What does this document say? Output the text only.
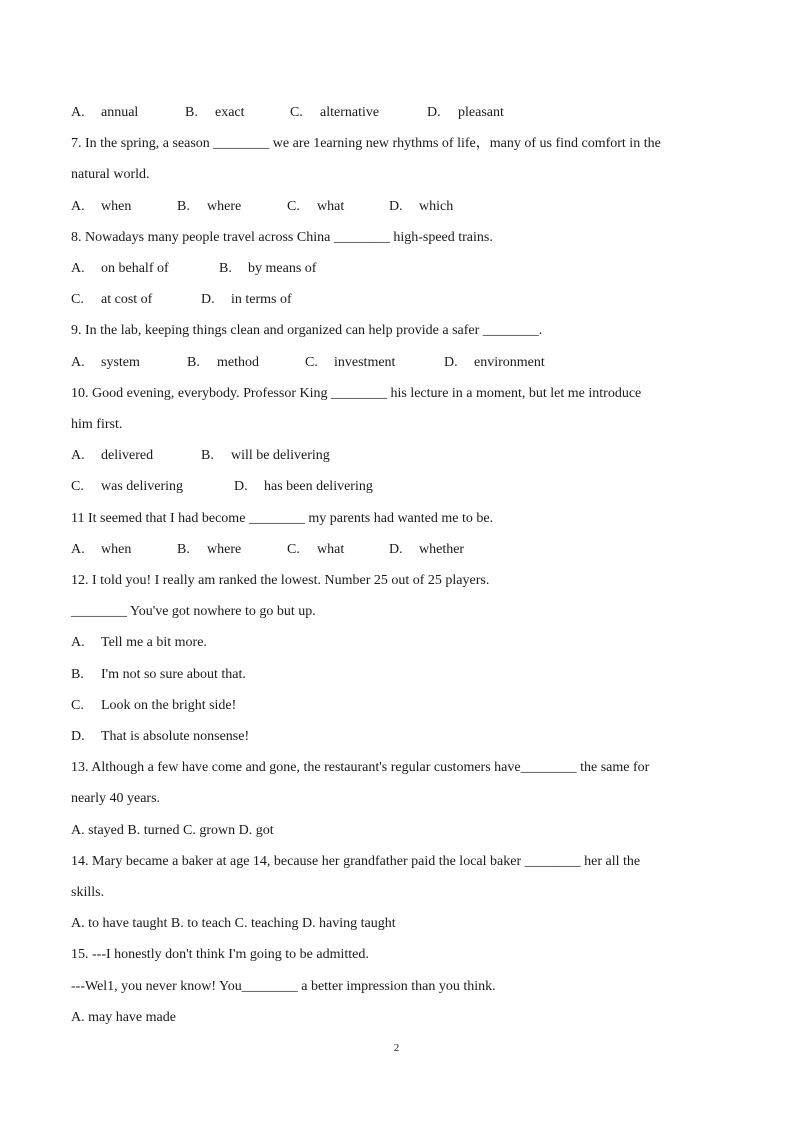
A. annual	B. exact	C. alternative	D. pleasant
7. In the spring, a season ________ we are 1earning new rhythms of life，many of us find comfort in the
natural world.
A. when	B. where	C. what	D. which
8. Nowadays many people travel across China ________ high-speed trains.
A. on behalf of	B. by means of
C. at cost of	D. in terms of
9. In the lab, keeping things clean and organized can help provide a safer ________.
A. system	B. method	C. investment	D. environment
10. Good evening, everybody. Professor King ________ his lecture in a moment, but let me introduce
him first.
A. delivered	B. will be delivering
C. was delivering	D. has been delivering
11 It seemed that I had become ________ my parents had wanted me to be.
A. when	B. where	C. what	D. whether
12. I told you! I really am ranked the lowest. Number 25 out of 25 players.
________ You've got nowhere to go but up.
A. Tell me a bit more.
B. I'm not so sure about that.
C. Look on the bright side!
D. That is absolute nonsense!
13. Although a few have come and gone, the restaurant's regular customers have________ the same for
nearly 40 years.
A. stayed B. turned C. grown D. got
14. Mary became a baker at age 14, because her grandfather paid the local baker ________ her all the
skills.
A. to have taught B. to teach C. teaching D. having taught
15. ---I honestly don't think I'm going to be admitted.
---Wel1, you never know! You________ a better impression than you think.
A. may have made
2
